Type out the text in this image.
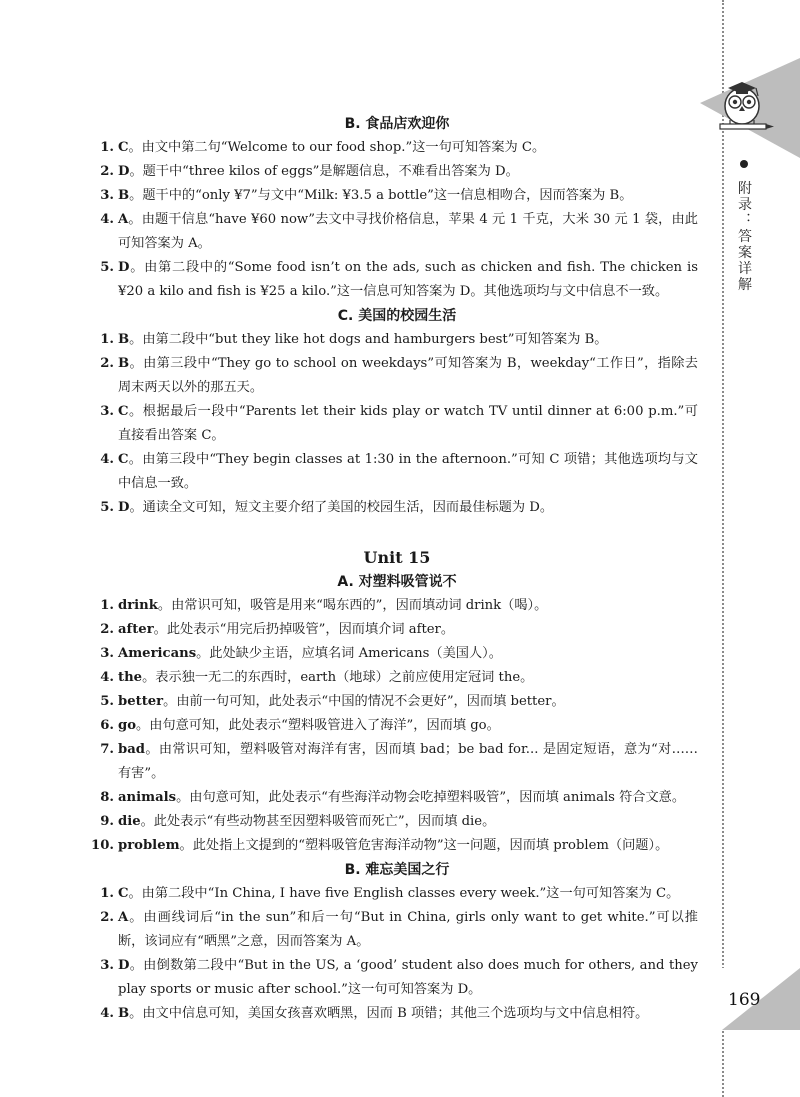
附录：答案详解
169
B. 食品店欢迎你
1. C。由文中第二句“Welcome to our food shop.”这一句可知答案为 C。
2. D。题干中“three kilos of eggs”是解题信息，不难看出答案为 D。
3. B。题干中的“only ¥7”与文中“Milk: ¥3.5 a bottle”这一信息相吻合，因而答案为 B。
4. A。由题干信息“have ¥60 now”去文中寻找价格信息，苹果 4 元 1 千克，大米 30 元 1 袋，由此可知答案为 A。
5. D。由第二段中的“Some food isn’t on the ads, such as chicken and fish. The chicken is ¥20 a kilo and fish is ¥25 a kilo.”这一信息可知答案为 D。其他选项均与文中信息不一致。
C. 美国的校园生活
1. B。由第二段中“but they like hot dogs and hamburgers best”可知答案为 B。
2. B。由第三段中“They go to school on weekdays”可知答案为 B，weekday“工作日”，指除去周末两天以外的那五天。
3. C。根据最后一段中“Parents let their kids play or watch TV until dinner at 6:00 p.m.”可直接看出答案 C。
4. C。由第三段中“They begin classes at 1:30 in the afternoon.”可知 C 项错；其他选项均与文中信息一致。
5. D。通读全文可知，短文主要介绍了美国的校园生活，因而最佳标题为 D。
Unit 15
A. 对塑料吸管说不
1. drink。由常识可知，吸管是用来“喝东西的”，因而填动词 drink（喝）。
2. after。此处表示“用完后扔掉吸管”，因而填介词 after。
3. Americans。此处缺少主语，应填名词 Americans（美国人）。
4. the。表示独一无二的东西时，earth（地球）之前应使用定冠词 the。
5. better。由前一句可知，此处表示“中国的情况不会更好”，因而填 better。
6. go。由句意可知，此处表示“塑料吸管进入了海洋”，因而填 go。
7. bad。由常识可知，塑料吸管对海洋有害，因而填 bad；be bad for... 是固定短语，意为“对……有害”。
8. animals。由句意可知，此处表示“有些海洋动物会吃掉塑料吸管”，因而填 animals 符合文意。
9. die。此处表示“有些动物甚至因塑料吸管而死亡”，因而填 die。
10. problem。此处指上文提到的“塑料吸管危害海洋动物”这一问题，因而填 problem（问题）。
B. 难忘美国之行
1. C。由第二段中“In China, I have five English classes every week.”这一句可知答案为 C。
2. A。由画线词后“in the sun”和后一句“But in China, girls only want to get white.”可以推断，该词应有“晒黑”之意，因而答案为 A。
3. D。由倒数第二段中“But in the US, a ‘good’ student also does much for others, and they play sports or music after school.”这一句可知答案为 D。
4. B。由文中信息可知，美国女孩喜欢晒黑，因而 B 项错；其他三个选项均与文中信息相符。
